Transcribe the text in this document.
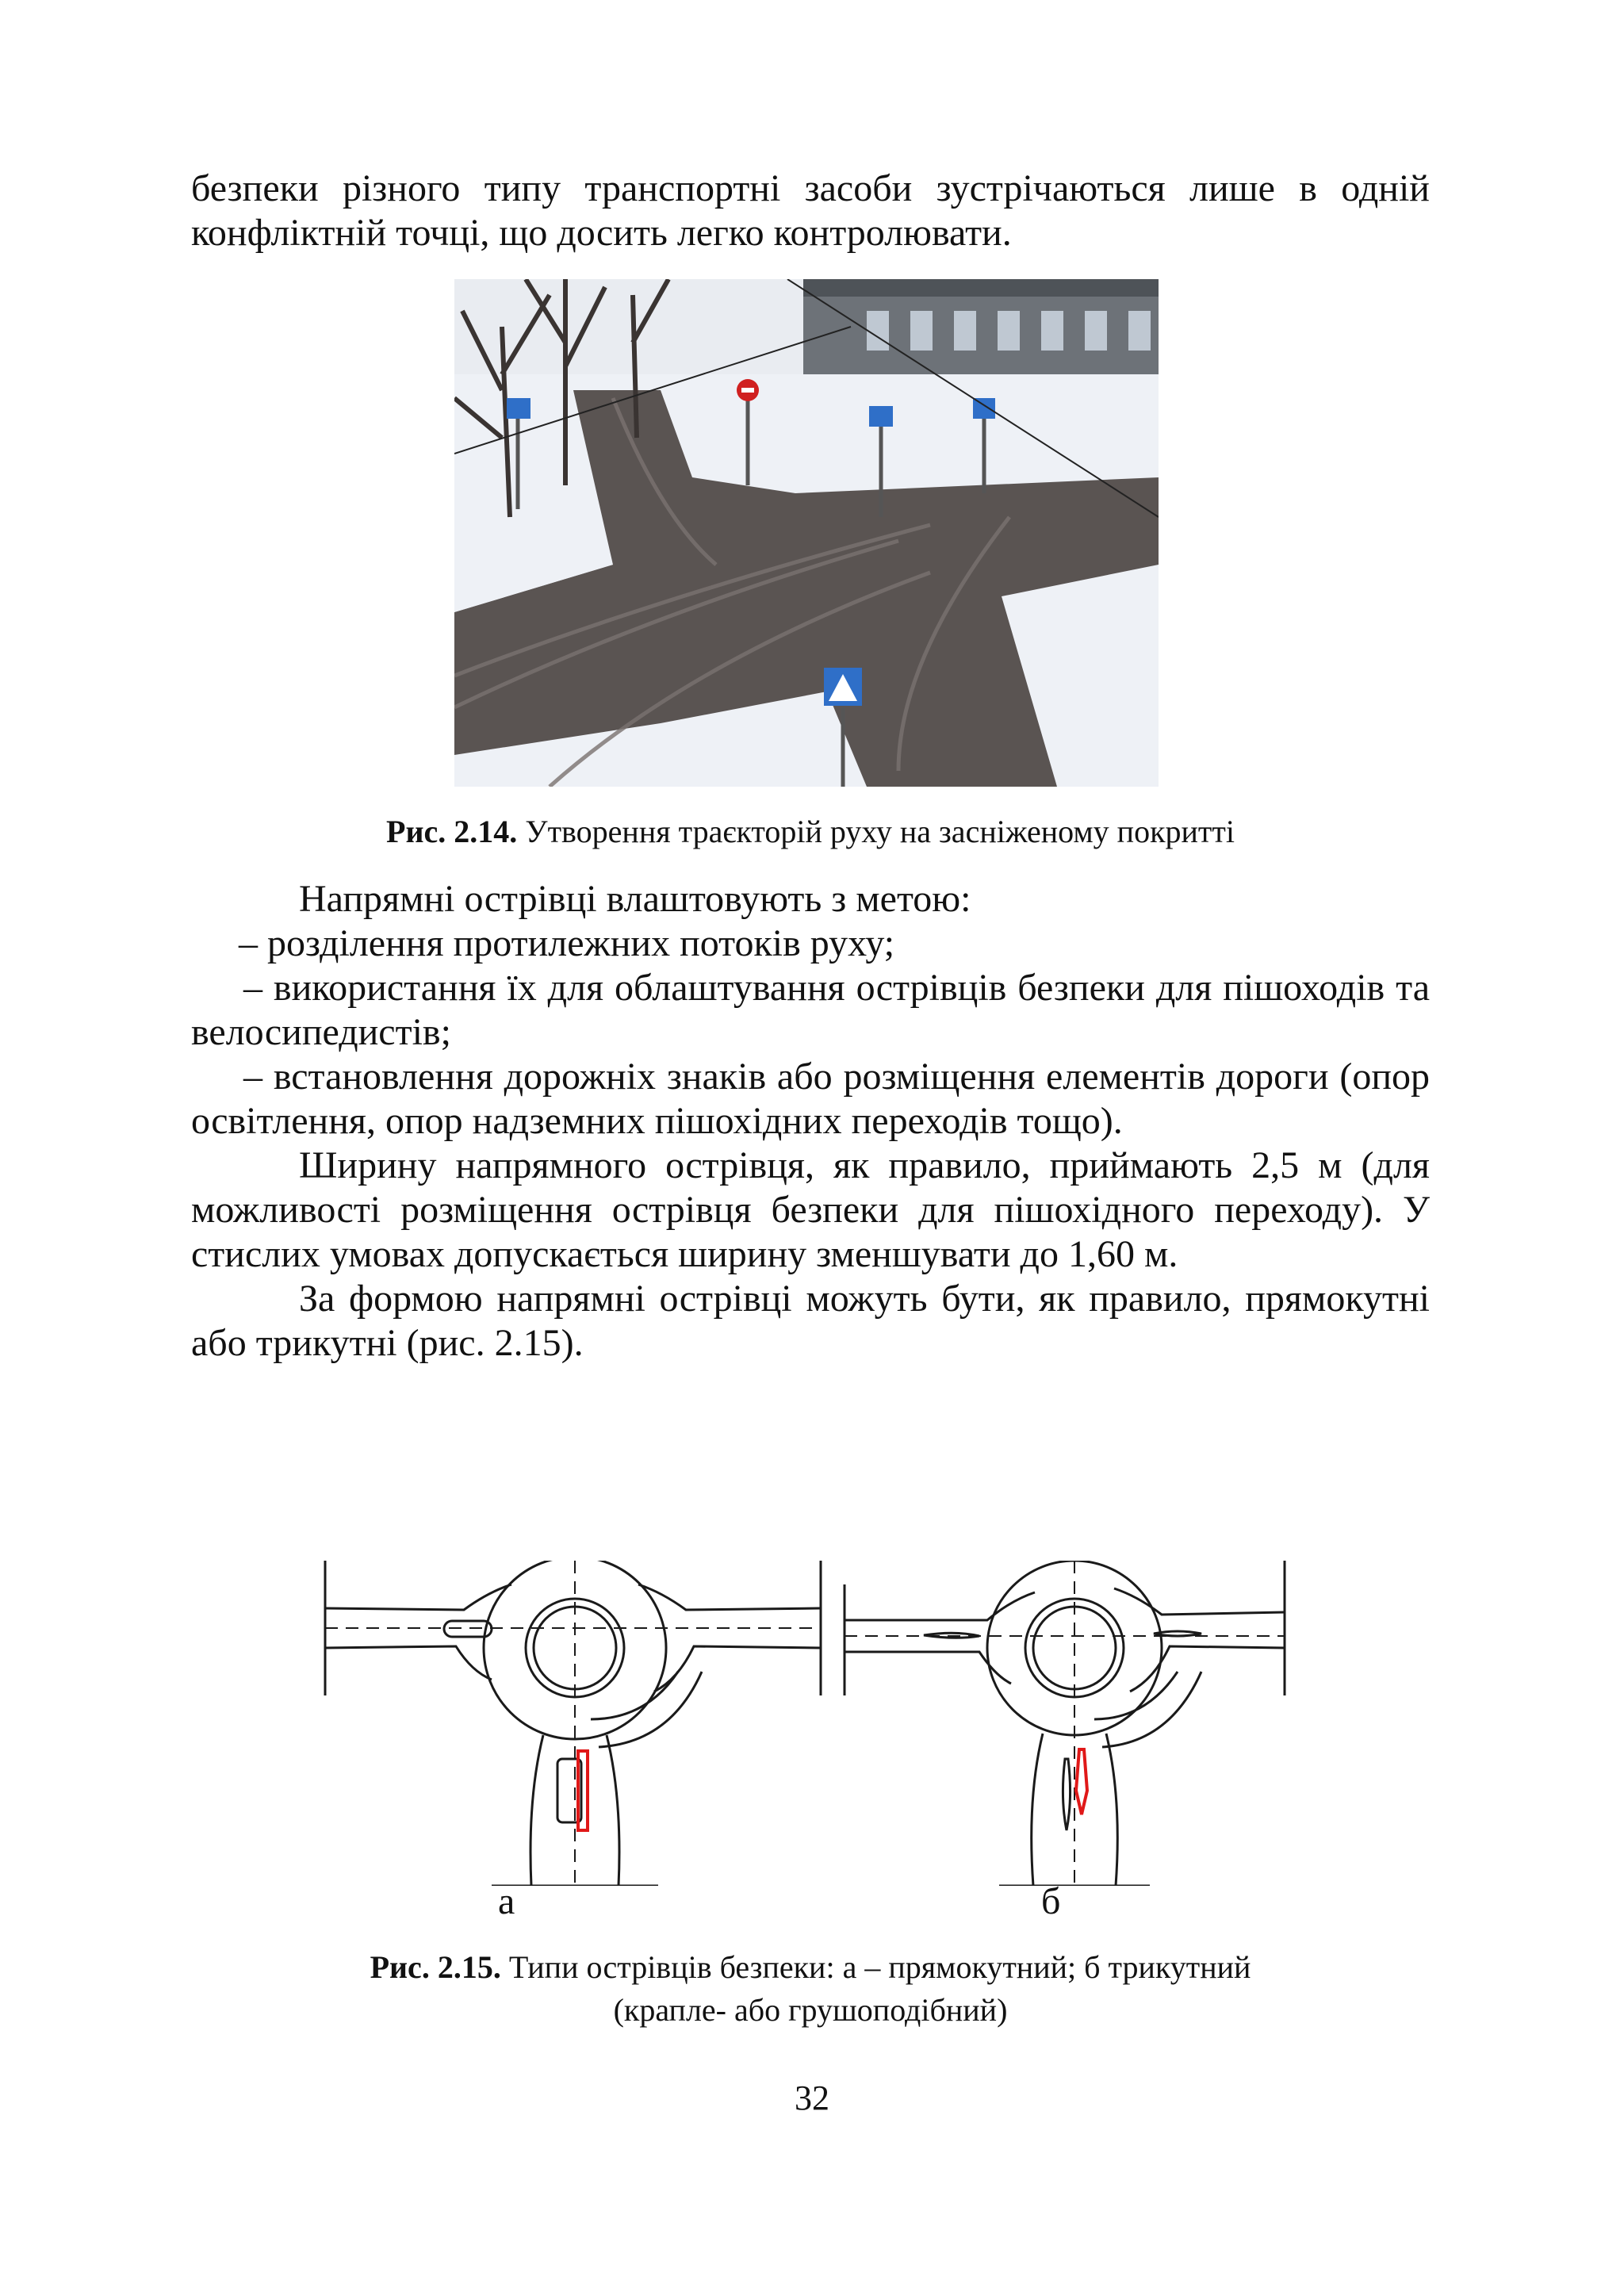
безпеки різного типу транспортні засоби зустрічаються лише в одній конфліктній точці, що досить легко контролювати.

Рис. 2.14. Утворення траєкторій руху на засніженому покритті

Напрямні острівці влаштовують з метою:

– розділення протилежних потоків руху;

– використання їх для облаштування острівців безпеки для пішоходів та велосипедистів;

– встановлення дорожніх знаків або розміщення елементів дороги (опор освітлення, опор надземних пішохідних переходів тощо).

Ширину напрямного острівця, як правило, приймають 2,5 м (для можливості розміщення острівця безпеки для пішохідного переходу). У стислих умовах допускається ширину зменшувати до 1,60 м.

За формою напрямні острівці можуть бути, як правило, прямокутні або трикутні (рис. 2.15).

а	б
Рис. 2.15. Типи острівців безпеки: а – прямокутний; б трикутний
(крапле- або грушоподібний)
32
